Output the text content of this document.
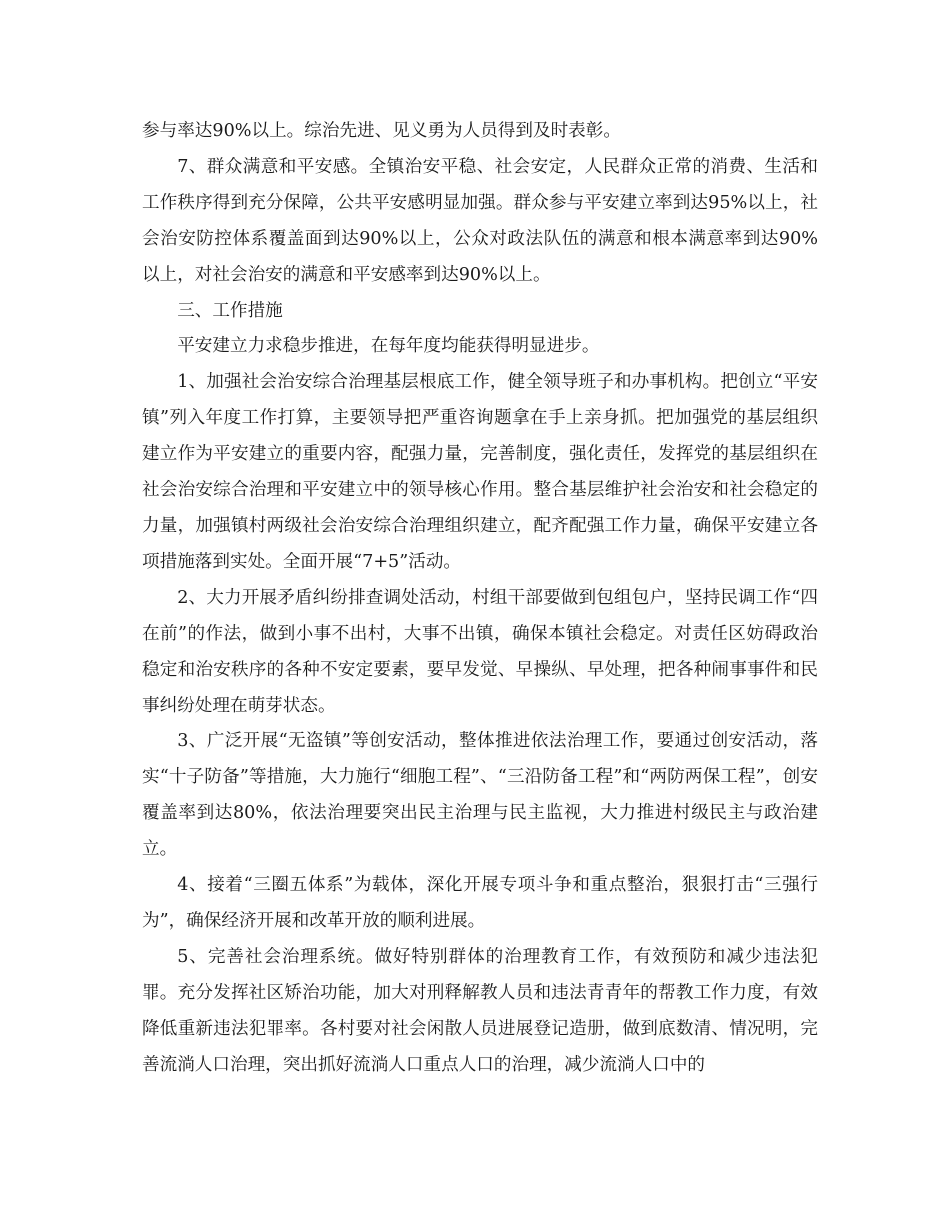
参与率达90%以上。综治先进、见义勇为人员得到及时表彰。

7、群众满意和平安感。全镇治安平稳、社会安定，人民群众正常的消费、生活和工作秩序得到充分保障，公共平安感明显加强。群众参与平安建立率到达95%以上，社会治安防控体系覆盖面到达90%以上，公众对政法队伍的满意和根本满意率到达90%以上，对社会治安的满意和平安感率到达90%以上。

三、工作措施

平安建立力求稳步推进，在每年度均能获得明显进步。

1、加强社会治安综合治理基层根底工作，健全领导班子和办事机构。把创立“平安镇”列入年度工作打算，主要领导把严重咨询题拿在手上亲身抓。把加强党的基层组织建立作为平安建立的重要内容，配强力量，完善制度，强化责任，发挥党的基层组织在社会治安综合治理和平安建立中的领导核心作用。整合基层维护社会治安和社会稳定的力量，加强镇村两级社会治安综合治理组织建立，配齐配强工作力量，确保平安建立各项措施落到实处。全面开展“7+5”活动。

2、大力开展矛盾纠纷排查调处活动，村组干部要做到包组包户，坚持民调工作“四在前”的作法，做到小事不出村，大事不出镇，确保本镇社会稳定。对责任区妨碍政治稳定和治安秩序的各种不安定要素，要早发觉、早操纵、早处理，把各种闹事事件和民事纠纷处理在萌芽状态。

3、广泛开展“无盗镇”等创安活动，整体推进依法治理工作，要通过创安活动，落实“十子防备”等措施，大力施行“细胞工程”、“三沿防备工程”和“两防两保工程”，创安覆盖率到达80%，依法治理要突出民主治理与民主监视，大力推进村级民主与政治建立。

4、接着“三圈五体系”为载体，深化开展专项斗争和重点整治，狠狠打击“三强行为”，确保经济开展和改革开放的顺利进展。

5、完善社会治理系统。做好特别群体的治理教育工作，有效预防和减少违法犯罪。充分发挥社区矫治功能，加大对刑释解教人员和违法青青年的帮教工作力度，有效降低重新违法犯罪率。各村要对社会闲散人员进展登记造册，做到底数清、情况明，完善流淌人口治理，突出抓好流淌人口重点人口的治理，减少流淌人口中的
